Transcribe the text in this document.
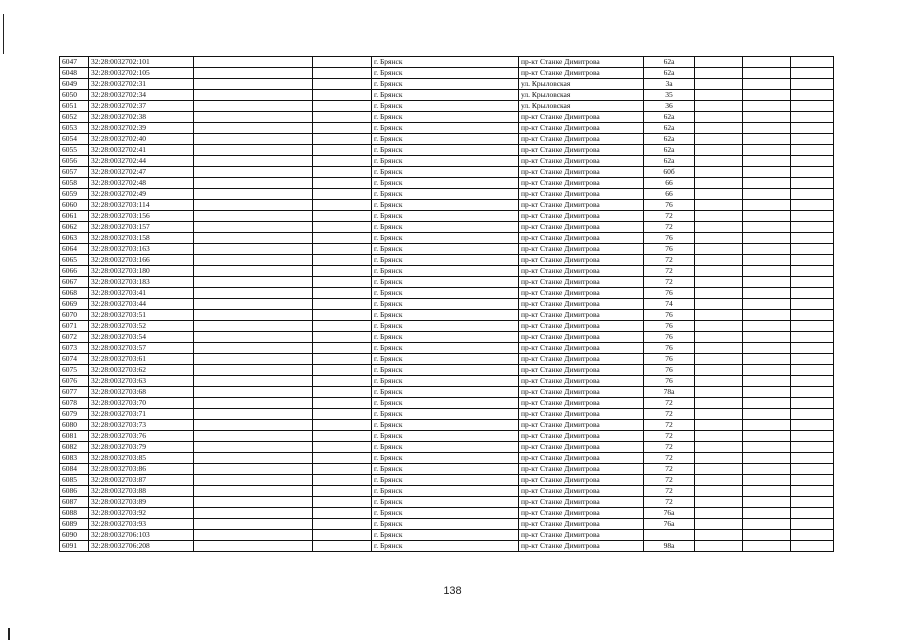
6047	32:28:0032702:101			г. Брянск	пр-кт Станке Димитрова	62а			
6048	32:28:0032702:105			г. Брянск	пр-кт Станке Димитрова	62а			
6049	32:28:0032702:31			г. Брянск	ул. Крыловская	3а			
6050	32:28:0032702:34			г. Брянск	ул. Крыловская	35			
6051	32:28:0032702:37			г. Брянск	ул. Крыловская	36			
6052	32:28:0032702:38			г. Брянск	пр-кт Станке Димитрова	62а			
6053	32:28:0032702:39			г. Брянск	пр-кт Станке Димитрова	62а			
6054	32:28:0032702:40			г. Брянск	пр-кт Станке Димитрова	62а			
6055	32:28:0032702:41			г. Брянск	пр-кт Станке Димитрова	62а			
6056	32:28:0032702:44			г. Брянск	пр-кт Станке Димитрова	62а			
6057	32:28:0032702:47			г. Брянск	пр-кт Станке Димитрова	60б			
6058	32:28:0032702:48			г. Брянск	пр-кт Станке Димитрова	66			
6059	32:28:0032702:49			г. Брянск	пр-кт Станке Димитрова	66			
6060	32:28:0032703:114			г. Брянск	пр-кт Станке Димитрова	76			
6061	32:28:0032703:156			г. Брянск	пр-кт Станке Димитрова	72			
6062	32:28:0032703:157			г. Брянск	пр-кт Станке Димитрова	72			
6063	32:28:0032703:158			г. Брянск	пр-кт Станке Димитрова	76			
6064	32:28:0032703:163			г. Брянск	пр-кт Станке Димитрова	76			
6065	32:28:0032703:166			г. Брянск	пр-кт Станке Димитрова	72			
6066	32:28:0032703:180			г. Брянск	пр-кт Станке Димитрова	72			
6067	32:28:0032703:183			г. Брянск	пр-кт Станке Димитрова	72			
6068	32:28:0032703:41			г. Брянск	пр-кт Станке Димитрова	76			
6069	32:28:0032703:44			г. Брянск	пр-кт Станке Димитрова	74			
6070	32:28:0032703:51			г. Брянск	пр-кт Станке Димитрова	76			
6071	32:28:0032703:52			г. Брянск	пр-кт Станке Димитрова	76			
6072	32:28:0032703:54			г. Брянск	пр-кт Станке Димитрова	76			
6073	32:28:0032703:57			г. Брянск	пр-кт Станке Димитрова	76			
6074	32:28:0032703:61			г. Брянск	пр-кт Станке Димитрова	76			
6075	32:28:0032703:62			г. Брянск	пр-кт Станке Димитрова	76			
6076	32:28:0032703:63			г. Брянск	пр-кт Станке Димитрова	76			
6077	32:28:0032703:68			г. Брянск	пр-кт Станке Димитрова	78а			
6078	32:28:0032703:70			г. Брянск	пр-кт Станке Димитрова	72			
6079	32:28:0032703:71			г. Брянск	пр-кт Станке Димитрова	72			
6080	32:28:0032703:73			г. Брянск	пр-кт Станке Димитрова	72			
6081	32:28:0032703:76			г. Брянск	пр-кт Станке Димитрова	72			
6082	32:28:0032703:79			г. Брянск	пр-кт Станке Димитрова	72			
6083	32:28:0032703:85			г. Брянск	пр-кт Станке Димитрова	72			
6084	32:28:0032703:86			г. Брянск	пр-кт Станке Димитрова	72			
6085	32:28:0032703:87			г. Брянск	пр-кт Станке Димитрова	72			
6086	32:28:0032703:88			г. Брянск	пр-кт Станке Димитрова	72			
6087	32:28:0032703:89			г. Брянск	пр-кт Станке Димитрова	72			
6088	32:28:0032703:92			г. Брянск	пр-кт Станке Димитрова	76а			
6089	32:28:0032703:93			г. Брянск	пр-кт Станке Димитрова	76а			
6090	32:28:0032706:103			г. Брянск	пр-кт Станке Димитрова				
6091	32:28:0032706:208			г. Брянск	пр-кт Станке Димитрова	98а			
138
